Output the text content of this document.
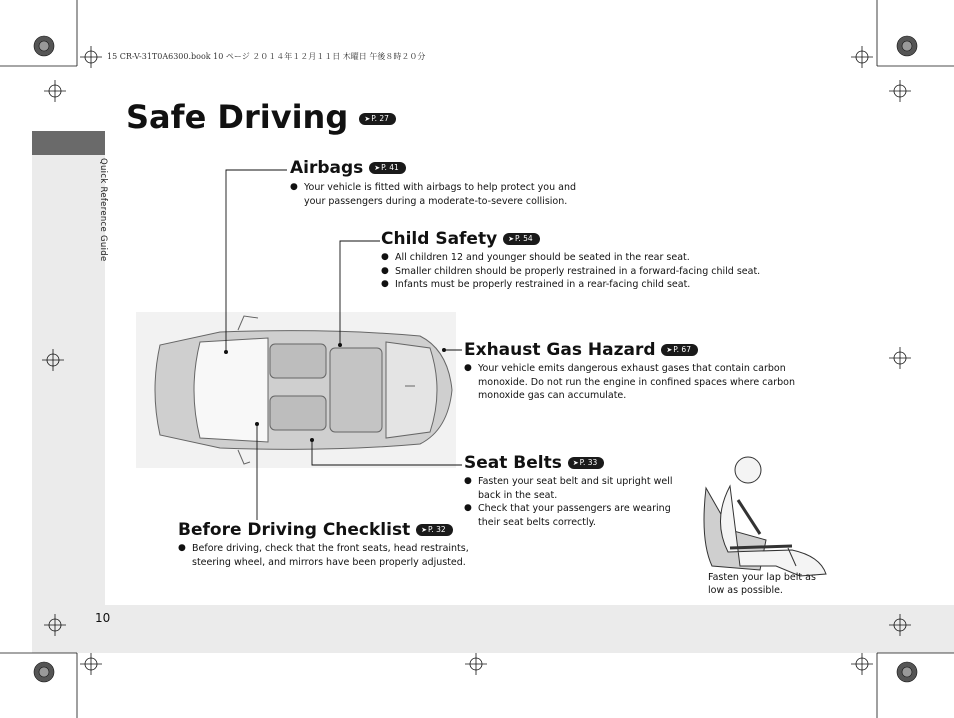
Quick Reference Guide
10
15 CR-V-31T0A6300.book 10 ページ ２０１４年１２月１１日 木曜日 午後８時２０分
Safe Driving ➤P. 27
Airbags ➤P. 41
● Your vehicle is fitted with airbags to help protect you and your passengers during a moderate-to-severe collision.
Child Safety ➤P. 54
● All children 12 and younger should be seated in the rear seat.
● Smaller children should be properly restrained in a forward-facing child seat.
● Infants must be properly restrained in a rear-facing child seat.
Exhaust Gas Hazard ➤P. 67
● Your vehicle emits dangerous exhaust gases that contain carbon monoxide. Do not run the engine in confined spaces where carbon monoxide gas can accumulate.
Seat Belts ➤P. 33
● Fasten your seat belt and sit upright well back in the seat.
● Check that your passengers are wearing their seat belts correctly.
Before Driving Checklist ➤P. 32
● Before driving, check that the front seats, head restraints, steering wheel, and mirrors have been properly adjusted.
Fasten your lap belt as low as possible.
